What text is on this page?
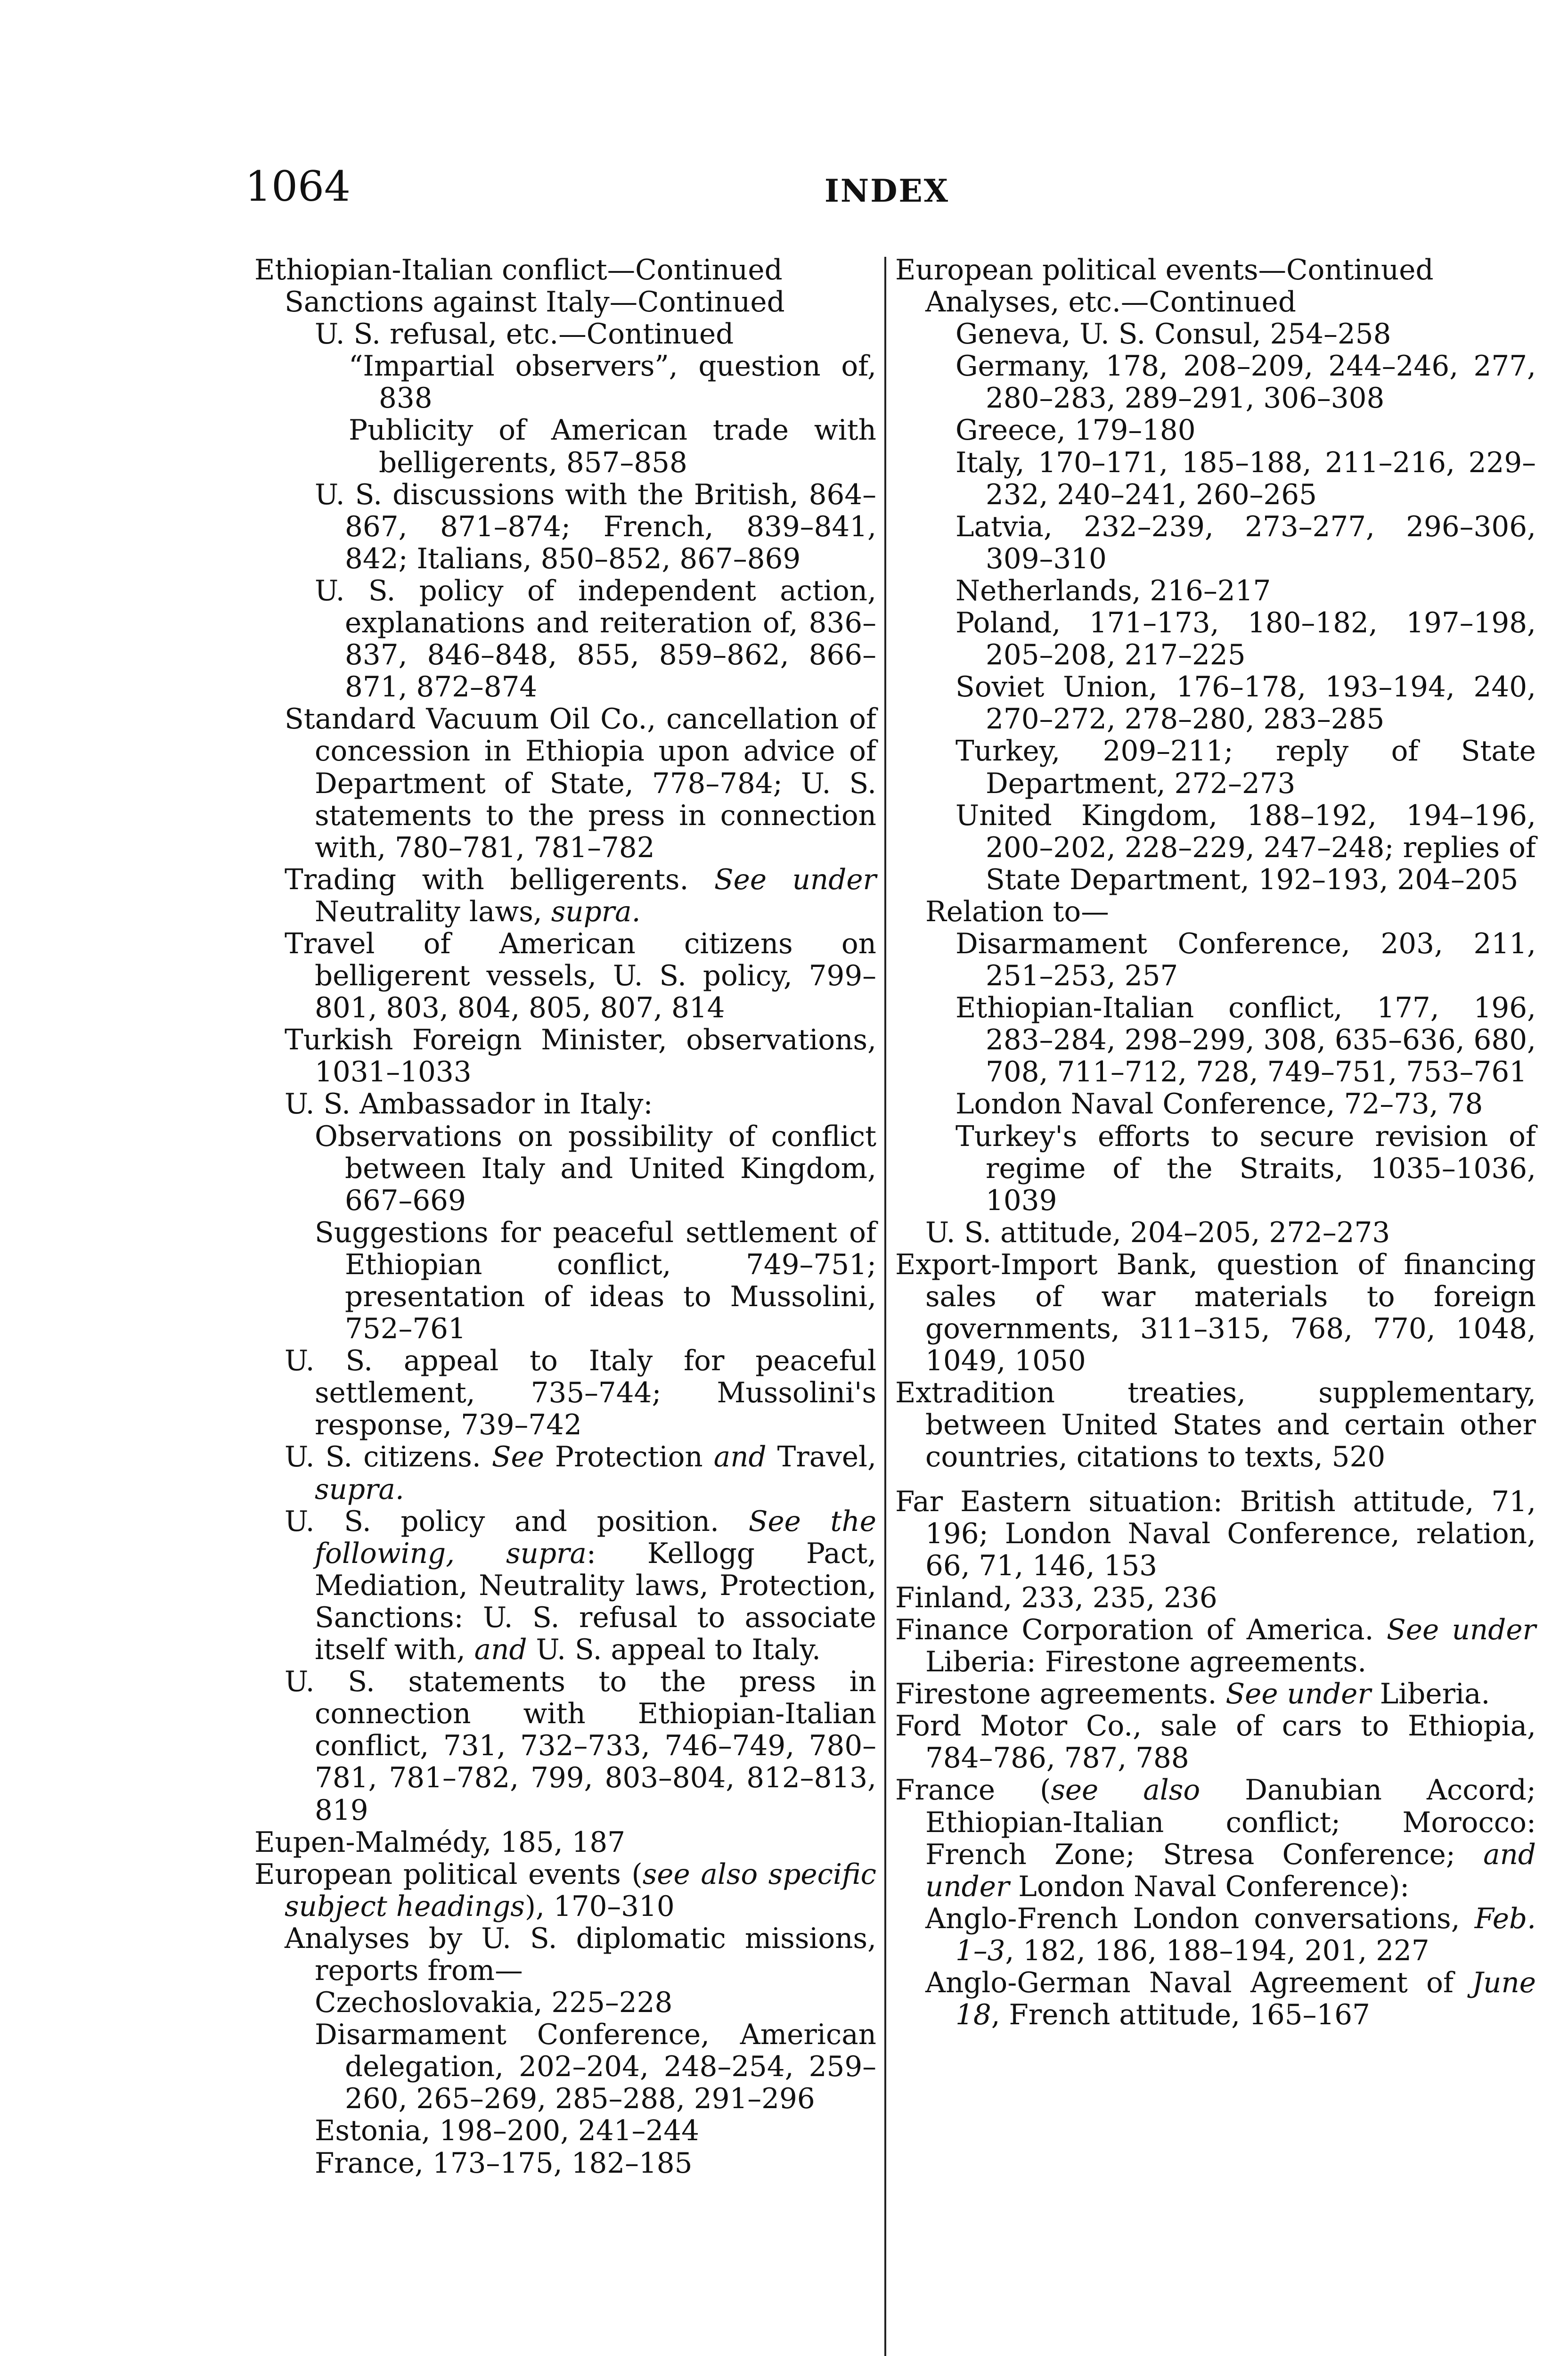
1064	INDEX
Ethiopian-Italian conflict—Continued
Sanctions against Italy—Continued
U. S. refusal, etc.—Continued
“Impartial observers”, question of, 838
Publicity of American trade with belligerents, 857–858
U. S. discussions with the British, 864–867, 871–874; French, 839–841, 842; Italians, 850–852, 867–869
U. S. policy of independent action, explanations and reiteration of, 836–837, 846–848, 855, 859–862, 866–871, 872–874
Standard Vacuum Oil Co., cancellation of concession in Ethiopia upon advice of Department of State, 778–784; U. S. statements to the press in connection with, 780–781, 781–782
Trading with belligerents. See under Neutrality laws, supra.
Travel of American citizens on belligerent vessels, U. S. policy, 799–801, 803, 804, 805, 807, 814
Turkish Foreign Minister, observations, 1031–1033
U. S. Ambassador in Italy:
Observations on possibility of conflict between Italy and United Kingdom, 667–669
Suggestions for peaceful settlement of Ethiopian conflict, 749–751; presentation of ideas to Mussolini, 752–761
U. S. appeal to Italy for peaceful settlement, 735–744; Mussolini's response, 739–742
U. S. citizens. See Protection and Travel, supra.
U. S. policy and position. See the following, supra: Kellogg Pact, Mediation, Neutrality laws, Protection, Sanctions: U. S. refusal to associate itself with, and U. S. appeal to Italy.
U. S. statements to the press in connection with Ethiopian-Italian conflict, 731, 732–733, 746–749, 780–781, 781–782, 799, 803–804, 812–813, 819
Eupen-Malmédy, 185, 187
European political events (see also specific subject headings), 170–310
Analyses by U. S. diplomatic missions, reports from—
Czechoslovakia, 225–228
Disarmament Conference, American delegation, 202–204, 248–254, 259–260, 265–269, 285–288, 291–296
Estonia, 198–200, 241–244
France, 173–175, 182–185
European political events—Continued
Analyses, etc.—Continued
Geneva, U. S. Consul, 254–258
Germany, 178, 208–209, 244–246, 277, 280–283, 289–291, 306–308
Greece, 179–180
Italy, 170–171, 185–188, 211–216, 229–232, 240–241, 260–265
Latvia, 232–239, 273–277, 296–306, 309–310
Netherlands, 216–217
Poland, 171–173, 180–182, 197–198, 205–208, 217–225
Soviet Union, 176–178, 193–194, 240, 270–272, 278–280, 283–285
Turkey, 209–211; reply of State Department, 272–273
United Kingdom, 188–192, 194–196, 200–202, 228–229, 247–248; replies of State Department, 192–193, 204–205
Relation to—
Disarmament Conference, 203, 211, 251–253, 257
Ethiopian-Italian conflict, 177, 196, 283–284, 298–299, 308, 635–636, 680, 708, 711–712, 728, 749–751, 753–761
London Naval Conference, 72–73, 78
Turkey's efforts to secure revision of regime of the Straits, 1035–1036, 1039
U. S. attitude, 204–205, 272–273
Export-Import Bank, question of financing sales of war materials to foreign governments, 311–315, 768, 770, 1048, 1049, 1050
Extradition treaties, supplementary, between United States and certain other countries, citations to texts, 520
Far Eastern situation: British attitude, 71, 196; London Naval Conference, relation, 66, 71, 146, 153
Finland, 233, 235, 236
Finance Corporation of America. See under Liberia: Firestone agreements.
Firestone agreements. See under Liberia.
Ford Motor Co., sale of cars to Ethiopia, 784–786, 787, 788
France (see also Danubian Accord; Ethiopian-Italian conflict; Morocco: French Zone; Stresa Conference; and under London Naval Conference):
Anglo-French London conversations, Feb. 1–3, 182, 186, 188–194, 201, 227
Anglo-German Naval Agreement of June 18, French attitude, 165–167
